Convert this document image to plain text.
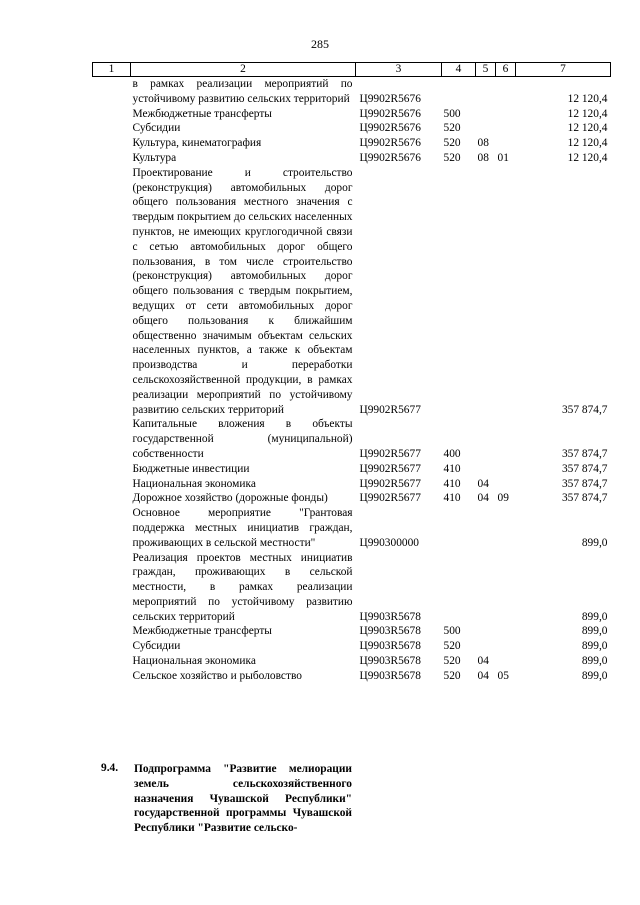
285
1	2	3	4	5	6	7
	в рамках реализации мероприятий по устойчивому развитию сельских территорий	Ц9902R5676				12 120,4
	Межбюджетные трансферты	Ц9902R5676	500			12 120,4
	Субсидии	Ц9902R5676	520			12 120,4
	Культура, кинематография	Ц9902R5676	520	08		12 120,4
	Культура	Ц9902R5676	520	08	01	12 120,4
	Проектирование и строительство (реконструкция) автомобильных дорог общего пользования местного значения с твердым покрытием до сельских населенных пунктов, не имеющих круглогодичной связи с сетью автомобильных дорог общего пользования, в том числе строительство (реконструкция) автомобильных дорог общего пользования с твердым покрытием, ведущих от сети автомобильных дорог общего пользования к ближайшим общественно значимым объектам сельских населенных пунктов, а также к объектам производства и переработки сельскохозяйственной продукции, в рамках реализации мероприятий по устойчивому развитию сельских территорий	Ц9902R5677				357 874,7
	Капитальные вложения в объекты государственной (муниципальной) собственности	Ц9902R5677	400			357 874,7
	Бюджетные инвестиции	Ц9902R5677	410			357 874,7
	Национальная экономика	Ц9902R5677	410	04		357 874,7
	Дорожное хозяйство (дорожные фонды)	Ц9902R5677	410	04	09	357 874,7
	Основное мероприятие "Грантовая поддержка местных инициатив граждан, проживающих в сельской местности"	Ц990300000				899,0
	Реализация проектов местных инициатив граждан, проживающих в сельской местности, в рамках реализации мероприятий по устойчивому развитию сельских территорий	Ц9903R5678				899,0
	Межбюджетные трансферты	Ц9903R5678	500			899,0
	Субсидии	Ц9903R5678	520			899,0
	Национальная экономика	Ц9903R5678	520	04		899,0
	Сельское хозяйство и рыболовство	Ц9903R5678	520	04	05	899,0
9.4. Подпрограмма "Развитие мелиорации земель сельскохозяйственного назначения Чувашской Республики" государственной программы Чувашской Республики "Развитие сельско-
